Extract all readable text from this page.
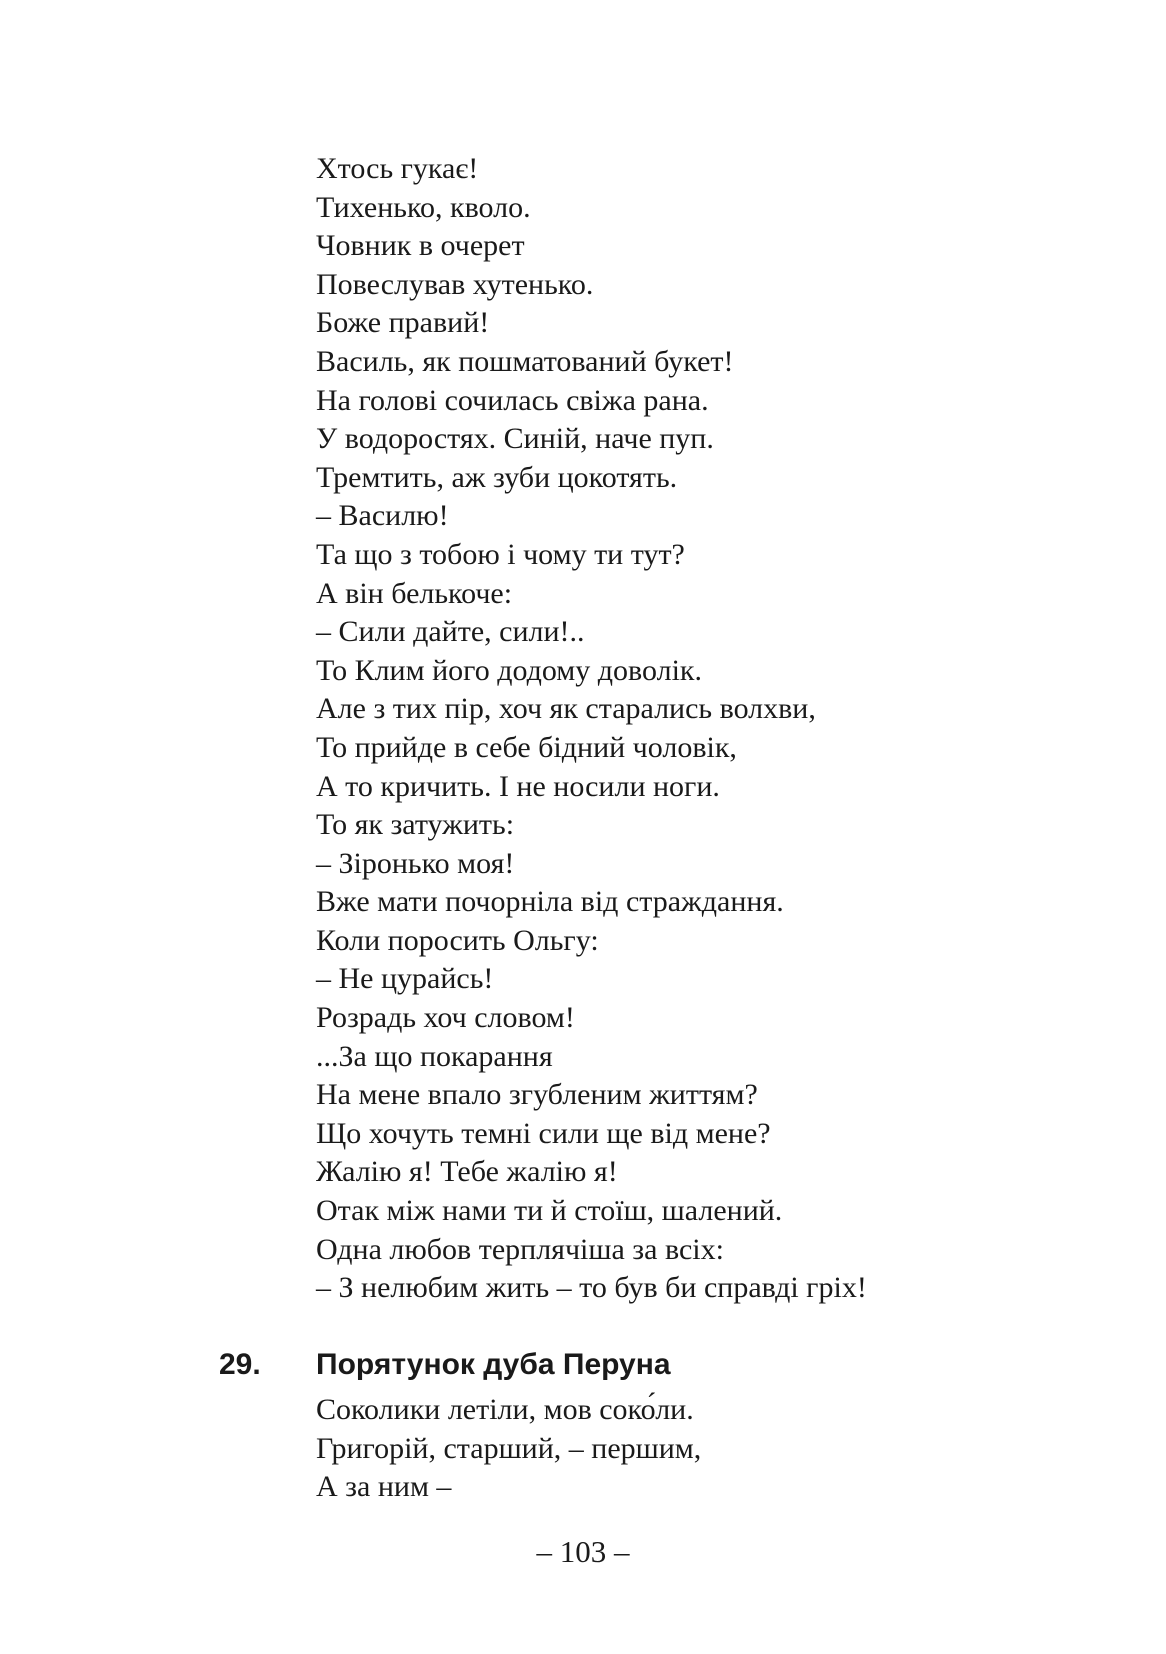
Хтось гукає!
Тихенько, кволо.
Човник в очерет
Повеслував хутенько.
Боже правий!
Василь, як пошматований букет!
На голові сочилась свіжа рана.
У водоростях. Синій, наче пуп.
Тремтить, аж зуби цокотять.
– Василю!
Та що з тобою і чому ти тут?
А він белькоче:
– Сили дайте, сили!..
То Клим його додому доволік.
Але з тих пір, хоч як старались волхви,
То прийде в себе бідний чоловік,
А то кричить. І не носили ноги.
То як затужить:
– Зіронько моя!
Вже мати почорніла від страждання.
Коли поросить Ольгу:
– Не цурайсь!
Розрадь хоч словом!
...За що покарання
На мене впало згубленим життям?
Що хочуть темні сили ще від мене?
Жалію я! Тебе жалію я!
Отак між нами ти й стоїш, шалений.
Одна любов терплячіша за всіх:
– З нелюбим жить – то був би справді гріх!
29. Порятунок дуба Перуна
Соколики летіли, мов соко́ли.
Григорій, старший, – першим,
А за ним –
– 103 –
